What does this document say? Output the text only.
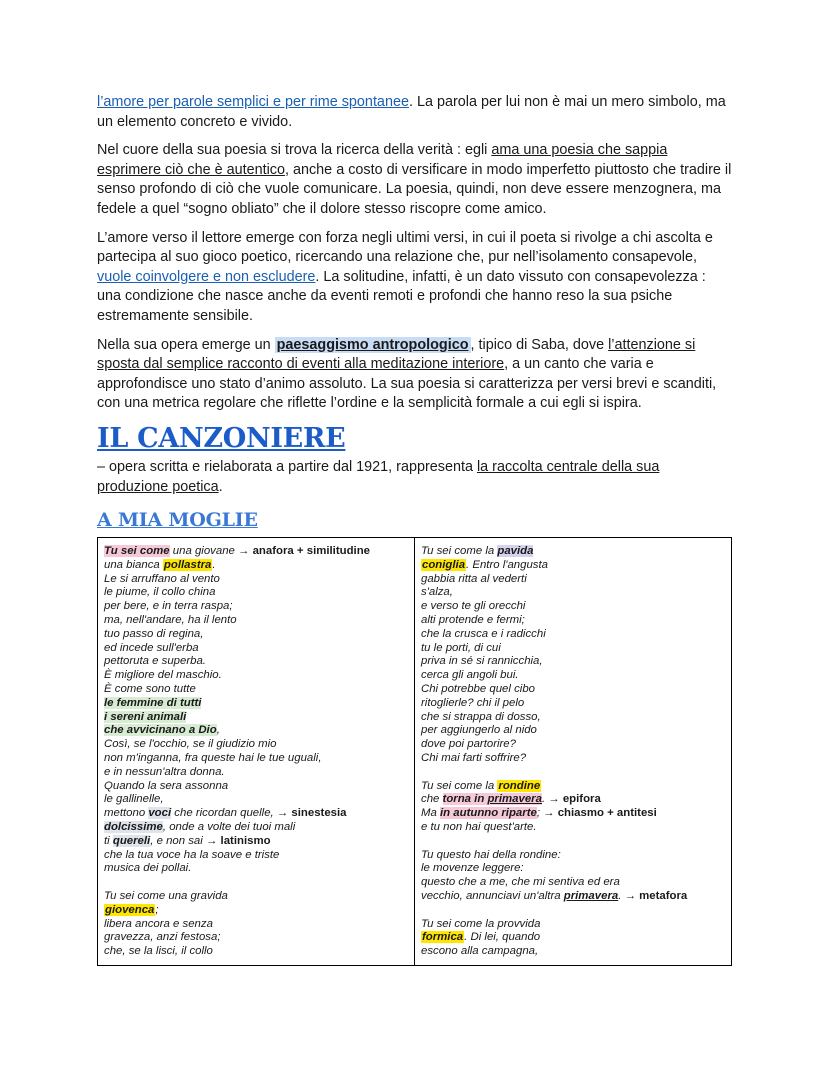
l’amore per parole semplici e per rime spontanee. La parola per lui non è mai un mero simbolo, ma un elemento concreto e vivido.

Nel cuore della sua poesia si trova la ricerca della verità : egli ama una poesia che sappia esprimere ciò che è autentico, anche a costo di versificare in modo imperfetto piuttosto che tradire il senso profondo di ciò che vuole comunicare. La poesia, quindi, non deve essere menzognera, ma fedele a quel “sogno obliato” che il dolore stesso riscopre come amico.

L’amore verso il lettore emerge con forza negli ultimi versi, in cui il poeta si rivolge a chi ascolta e partecipa al suo gioco poetico, ricercando una relazione che, pur nell’isolamento consapevole, vuole coinvolgere e non escludere. La solitudine, infatti, è un dato vissuto con consapevolezza : una condizione che nasce anche da eventi remoti e profondi che hanno reso la sua psiche estremamente sensibile.

Nella sua opera emerge un paesaggismo antropologico , tipico di Saba, dove l’attenzione si sposta dal semplice racconto di eventi alla meditazione interiore, a un canto che varia e approfondisce uno stato d’animo assoluto. La sua poesia si caratterizza per versi brevi e scanditi, con una metrica regolare che riflette l’ordine e la semplicità formale a cui egli si ispira.

IL CANZONIERE

– opera scritta e rielaborata a partire dal 1921, rappresenta la raccolta centrale della sua produzione poetica.

A MIA MOGLIE
Tu sei come una giovane → anafora + similitudine
una bianca pollastra.
Le si arruffano al vento
le piume, il collo china
per bere, e in terra raspa;
ma, nell'andare, ha il lento
tuo passo di regina,
ed incede sull'erba
pettoruta e superba.
È migliore del maschio.
È come sono tutte
le femmine di tutti
i sereni animali
che avvicinano a Dio,
Così, se l'occhio, se il giudizio mio
non m'inganna, fra queste hai le tue uguali,
e in nessun'altra donna.
Quando la sera assonna
le gallinelle,
mettono voci che ricordan quelle, → sinestesia
dolcissime, onde a volte dei tuoi mali
ti quereli, e non sai → latinismo
che la tua voce ha la soave e triste
musica dei pollai.
Tu sei come una gravida
giovenca;
libera ancora e senza
gravezza, anzi festosa;
che, se la lisci, il collo

Tu sei come la pavida
coniglia. Entro l'angusta
gabbia ritta al vederti
s'alza,
e verso te gli orecchi
alti protende e fermi;
che la crusca e i radicchi
tu le porti, di cui
priva in sé si rannicchia,
cerca gli angoli bui.
Chi potrebbe quel cibo
ritoglierle? chi il pelo
che si strappa di dosso,
per aggiungerlo al nido
dove poi partorire?
Chi mai farti soffrire?
Tu sei come la rondine
che torna in primavera. → epifora
Ma in autunno riparte; → chiasmo + antitesi
e tu non hai quest'arte.
Tu questo hai della rondine:
le movenze leggere:
questo che a me, che mi sentiva ed era
vecchio, annunciavi un'altra primavera. → metafora
Tu sei come la provvida
formica. Di lei, quando
escono alla campagna,
